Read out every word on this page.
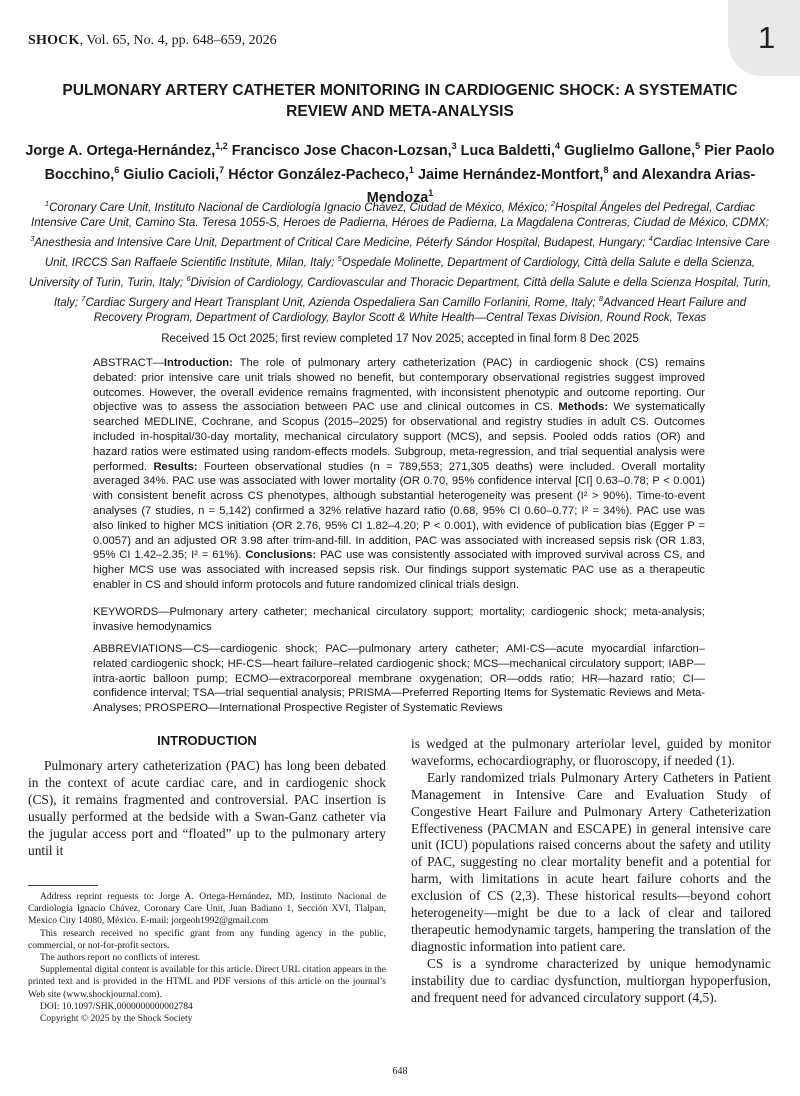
SHOCK, Vol. 65, No. 4, pp. 648–659, 2026	1
PULMONARY ARTERY CATHETER MONITORING IN CARDIOGENIC SHOCK: A SYSTEMATIC REVIEW AND META-ANALYSIS
Jorge A. Ortega-Hernández,$^{1,2}$ Francisco Jose Chacon-Lozsan,$^3$ Luca Baldetti,$^4$ Guglielmo Gallone,$^5$ Pier Paolo Bocchino,$^6$ Giulio Cacioli,$^7$ Héctor González-Pacheco,$^1$ Jaime Hernández-Montfort,$^8$ and Alexandra Arias-Mendoza$^1$
$^1$Coronary Care Unit, Instituto Nacional de Cardiología Ignacio Chávez, Ciudad de México, México; $^2$Hospital Ángeles del Pedregal, Cardiac Intensive Care Unit, Camino Sta. Teresa 1055-S, Heroes de Padierna, Héroes de Padierna, La Magdalena Contreras, Ciudad de México, CDMX; $^3$Anesthesia and Intensive Care Unit, Department of Critical Care Medicine, Péterfy Sándor Hospital, Budapest, Hungary; $^4$Cardiac Intensive Care Unit, IRCCS San Raffaele Scientific Institute, Milan, Italy; $^5$Ospedale Molinette, Department of Cardiology, Città della Salute e della Scienza, University of Turin, Turin, Italy; $^6$Division of Cardiology, Cardiovascular and Thoracic Department, Città della Salute e della Scienza Hospital, Turin, Italy; $^7$Cardiac Surgery and Heart Transplant Unit, Azienda Ospedaliera San Camillo Forlanini, Rome, Italy; $^8$Advanced Heart Failure and Recovery Program, Department of Cardiology, Baylor Scott & White Health—Central Texas Division, Round Rock, Texas
Received 15 Oct 2025; first review completed 17 Nov 2025; accepted in final form 8 Dec 2025
ABSTRACT—Introduction: The role of pulmonary artery catheterization (PAC) in cardiogenic shock (CS) remains debated: prior intensive care unit trials showed no benefit, but contemporary observational registries suggest improved outcomes. However, the overall evidence remains fragmented, with inconsistent phenotypic and outcome reporting. Our objective was to assess the association between PAC use and clinical outcomes in CS. Methods: We systematically searched MEDLINE, Cochrane, and Scopus (2015–2025) for observational and registry studies in adult CS. Outcomes included in-hospital/30-day mortality, mechanical circulatory support (MCS), and sepsis. Pooled odds ratios (OR) and hazard ratios were estimated using random-effects models. Subgroup, meta-regression, and trial sequential analysis were performed. Results: Fourteen observational studies (n = 789,553; 271,305 deaths) were included. Overall mortality averaged 34%. PAC use was associated with lower mortality (OR 0.70, 95% confidence interval [CI] 0.63–0.78; P < 0.001) with consistent benefit across CS phenotypes, although substantial heterogeneity was present (I² > 90%). Time-to-event analyses (7 studies, n = 5,142) confirmed a 32% relative hazard ratio (0.68, 95% CI 0.60–0.77; I² = 34%). PAC use was also linked to higher MCS initiation (OR 2.76, 95% CI 1.82–4.20; P < 0.001), with evidence of publication bias (Egger P = 0.0057) and an adjusted OR 3.98 after trim-and-fill. In addition, PAC was associated with increased sepsis risk (OR 1.83, 95% CI 1.42–2.35; I² = 61%). Conclusions: PAC use was consistently associated with improved survival across CS, and higher MCS use was associated with increased sepsis risk. Our findings support systematic PAC use as a therapeutic enabler in CS and should inform protocols and future randomized clinical trials design.
KEYWORDS—Pulmonary artery catheter; mechanical circulatory support; mortality; cardiogenic shock; meta-analysis; invasive hemodynamics
ABBREVIATIONS—CS—cardiogenic shock; PAC—pulmonary artery catheter; AMI-CS—acute myocardial infarction–related cardiogenic shock; HF-CS—heart failure–related cardiogenic shock; MCS—mechanical circulatory support; IABP—intra-aortic balloon pump; ECMO—extracorporeal membrane oxygenation; OR—odds ratio; HR—hazard ratio; CI— confidence interval; TSA—trial sequential analysis; PRISMA—Preferred Reporting Items for Systematic Reviews and Meta-Analyses; PROSPERO—International Prospective Register of Systematic Reviews
INTRODUCTION

Pulmonary artery catheterization (PAC) has long been debated in the context of acute cardiac care, and in cardiogenic shock (CS), it remains fragmented and controversial. PAC insertion is usually performed at the bedside with a Swan-Ganz catheter via the jugular access port and “floated” up to the pulmonary artery until it

is wedged at the pulmonary arteriolar level, guided by monitor waveforms, echocardiography, or fluoroscopy, if needed (1).

Early randomized trials Pulmonary Artery Catheters in Patient Management in Intensive Care and Evaluation Study of Congestive Heart Failure and Pulmonary Artery Catheterization Effectiveness (PACMAN and ESCAPE) in general intensive care unit (ICU) populations raised concerns about the safety and utility of PAC, suggesting no clear mortality benefit and a potential for harm, with limitations in acute heart failure cohorts and the exclusion of CS (2,3). These historical results—beyond cohort heterogeneity—might be due to a lack of clear and tailored therapeutic hemodynamic targets, hampering the translation of the diagnostic information into patient care.

CS is a syndrome characterized by unique hemodynamic instability due to cardiac dysfunction, multiorgan hypoperfusion, and frequent need for advanced circulatory support (4,5).

Address reprint requests to: Jorge A. Ortega-Hernández, MD, Instituto Nacional de Cardiología Ignacio Chávez, Coronary Care Unit, Juan Badiano 1, Sección XVI, Tlalpan, Mexico City 14080, México. E-mail: jorgeoh1992@gmail.com

This research received no specific grant from any funding agency in the public, commercial, or not-for-profit sectors.

The authors report no conflicts of interest.

Supplemental digital content is available for this article. Direct URL citation appears in the printed text and is provided in the HTML and PDF versions of this article on the journal’s Web site (www.shockjournal.com).

DOI: 10.1097/SHK.0000000000002784

Copyright © 2025 by the Shock Society

648
